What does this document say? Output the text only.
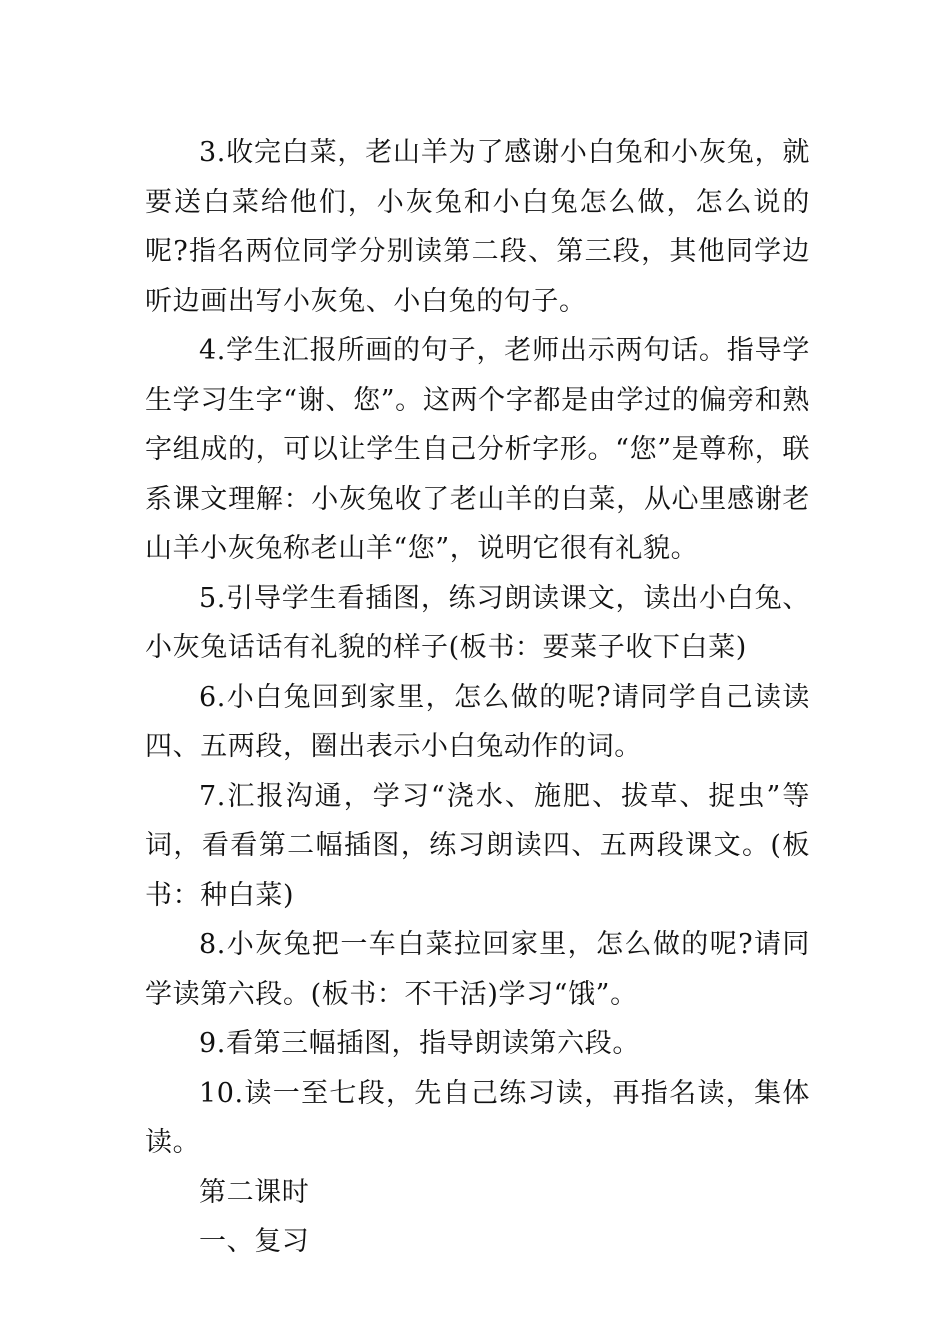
3.收完白菜，老山羊为了感谢小白兔和小灰兔，就要送白菜给他们，小灰兔和小白兔怎么做，怎么说的呢?指名两位同学分别读第二段、第三段，其他同学边听边画出写小灰兔、小白兔的句子。

4.学生汇报所画的句子，老师出示两句话。指导学生学习生字“谢、您”。这两个字都是由学过的偏旁和熟字组成的，可以让学生自己分析字形。“您”是尊称，联系课文理解：小灰兔收了老山羊的白菜，从心里感谢老山羊小灰兔称老山羊“您”，说明它很有礼貌。

5.引导学生看插图，练习朗读课文，读出小白兔、小灰兔话话有礼貌的样子(板书：要菜子收下白菜)

6.小白兔回到家里，怎么做的呢?请同学自己读读四、五两段，圈出表示小白兔动作的词。

7.汇报沟通，学习“浇水、施肥、拔草、捉虫”等词，看看第二幅插图，练习朗读四、五两段课文。(板书：种白菜)

8.小灰兔把一车白菜拉回家里，怎么做的呢?请同学读第六段。(板书：不干活)学习“饿”。

9.看第三幅插图，指导朗读第六段。

10.读一至七段，先自己练习读，再指名读，集体读。

第二课时

一、复习
